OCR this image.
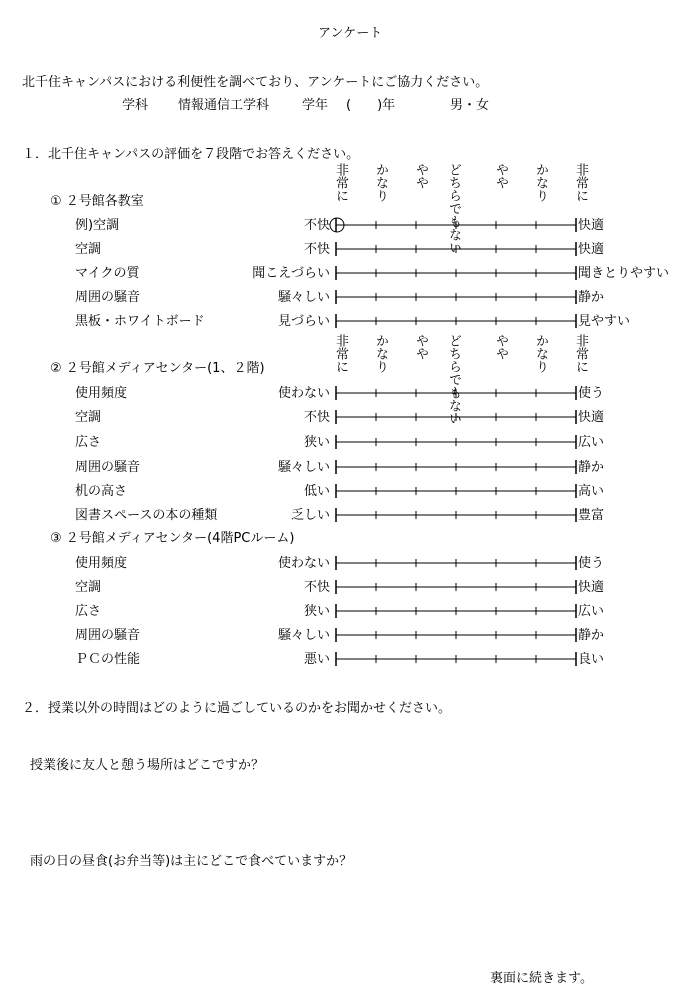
アンケート
北千住キャンパスにおける利便性を調べており、アンケートにご協力ください。
学科 情報通信工学科	学年 (　　)年	男・女
１．北千住キャンパスの評価を７段階でお答えください。
非常に	かなり	やや	どちらでもない	やや	かなり	非常に
非常に	かなり	やや	どちらでもない	やや	かなり	非常に
① ２号館各教室
例)空調	不快	快適
空調	不快	快適
マイクの質	聞こえづらい	聞きとりやすい
周囲の騒音	騒々しい	静か
黒板・ホワイトボード	見づらい	見やすい
② ２号館メディアセンター(1、２階)
使用頻度	使わない	使う
空調	不快	快適
広さ	狭い	広い
周囲の騒音	騒々しい	静か
机の高さ	低い	高い
図書スペースの本の種類	乏しい	豊富
③ ２号館メディアセンター(4階PCルーム)
使用頻度	使わない	使う
空調	不快	快適
広さ	狭い	広い
周囲の騒音	騒々しい	静か
ＰＣの性能	悪い	良い
２．授業以外の時間はどのように過ごしているのかをお聞かせください。
授業後に友人と憩う場所はどこですか？
雨の日の昼食(お弁当等)は主にどこで食べていますか？
裏面に続きます。
